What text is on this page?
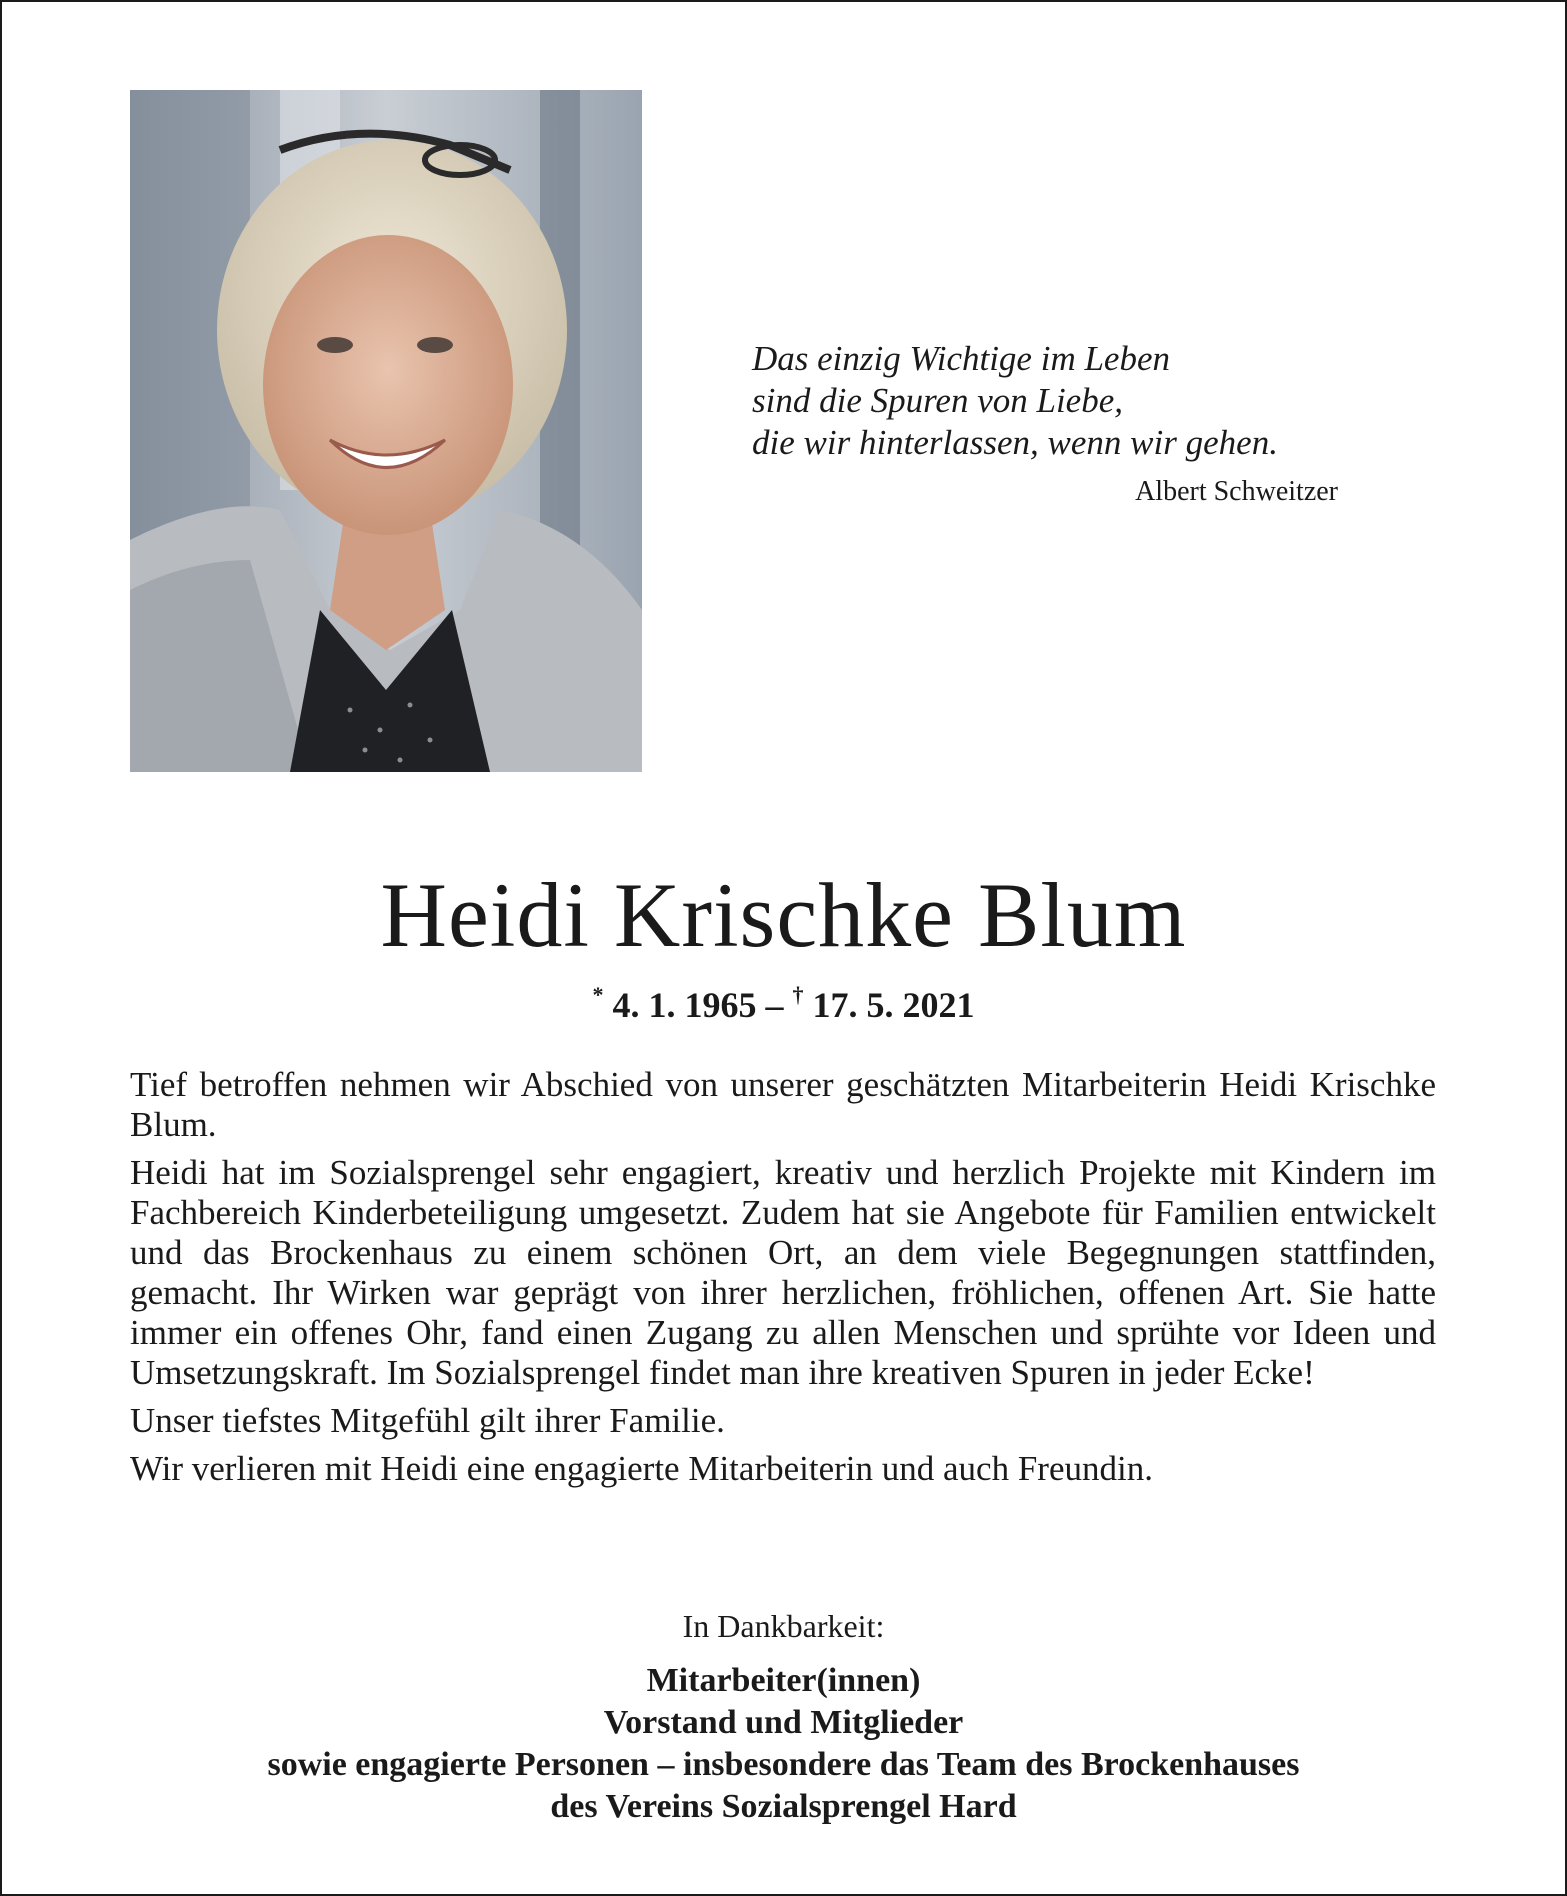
Das einzig Wichtige im Leben
sind die Spuren von Liebe,
die wir hinterlassen, wenn wir gehen.
Albert Schweitzer
Heidi Krischke Blum
* 4. 1. 1965 – † 17. 5. 2021

Tief betroffen nehmen wir Abschied von unserer geschätzten Mitarbeiterin Heidi Krischke Blum.

Heidi hat im Sozialsprengel sehr engagiert, kreativ und herzlich Projekte mit Kindern im Fachbereich Kinderbeteiligung umgesetzt. Zudem hat sie Angebote für Familien entwickelt und das Brockenhaus zu einem schönen Ort, an dem viele Begegnungen stattfinden, gemacht. Ihr Wirken war geprägt von ihrer herzlichen, fröhlichen, offenen Art. Sie hatte immer ein offenes Ohr, fand einen Zugang zu allen Menschen und sprühte vor Ideen und Umsetzungskraft. Im Sozialsprengel findet man ihre kreativen Spuren in jeder Ecke!

Unser tiefstes Mitgefühl gilt ihrer Familie.

Wir verlieren mit Heidi eine engagierte Mitarbeiterin und auch Freundin.

In Dankbarkeit:
Mitarbeiter(innen)
Vorstand und Mitglieder
sowie engagierte Personen – insbesondere das Team des Brockenhauses
des Vereins Sozialsprengel Hard
